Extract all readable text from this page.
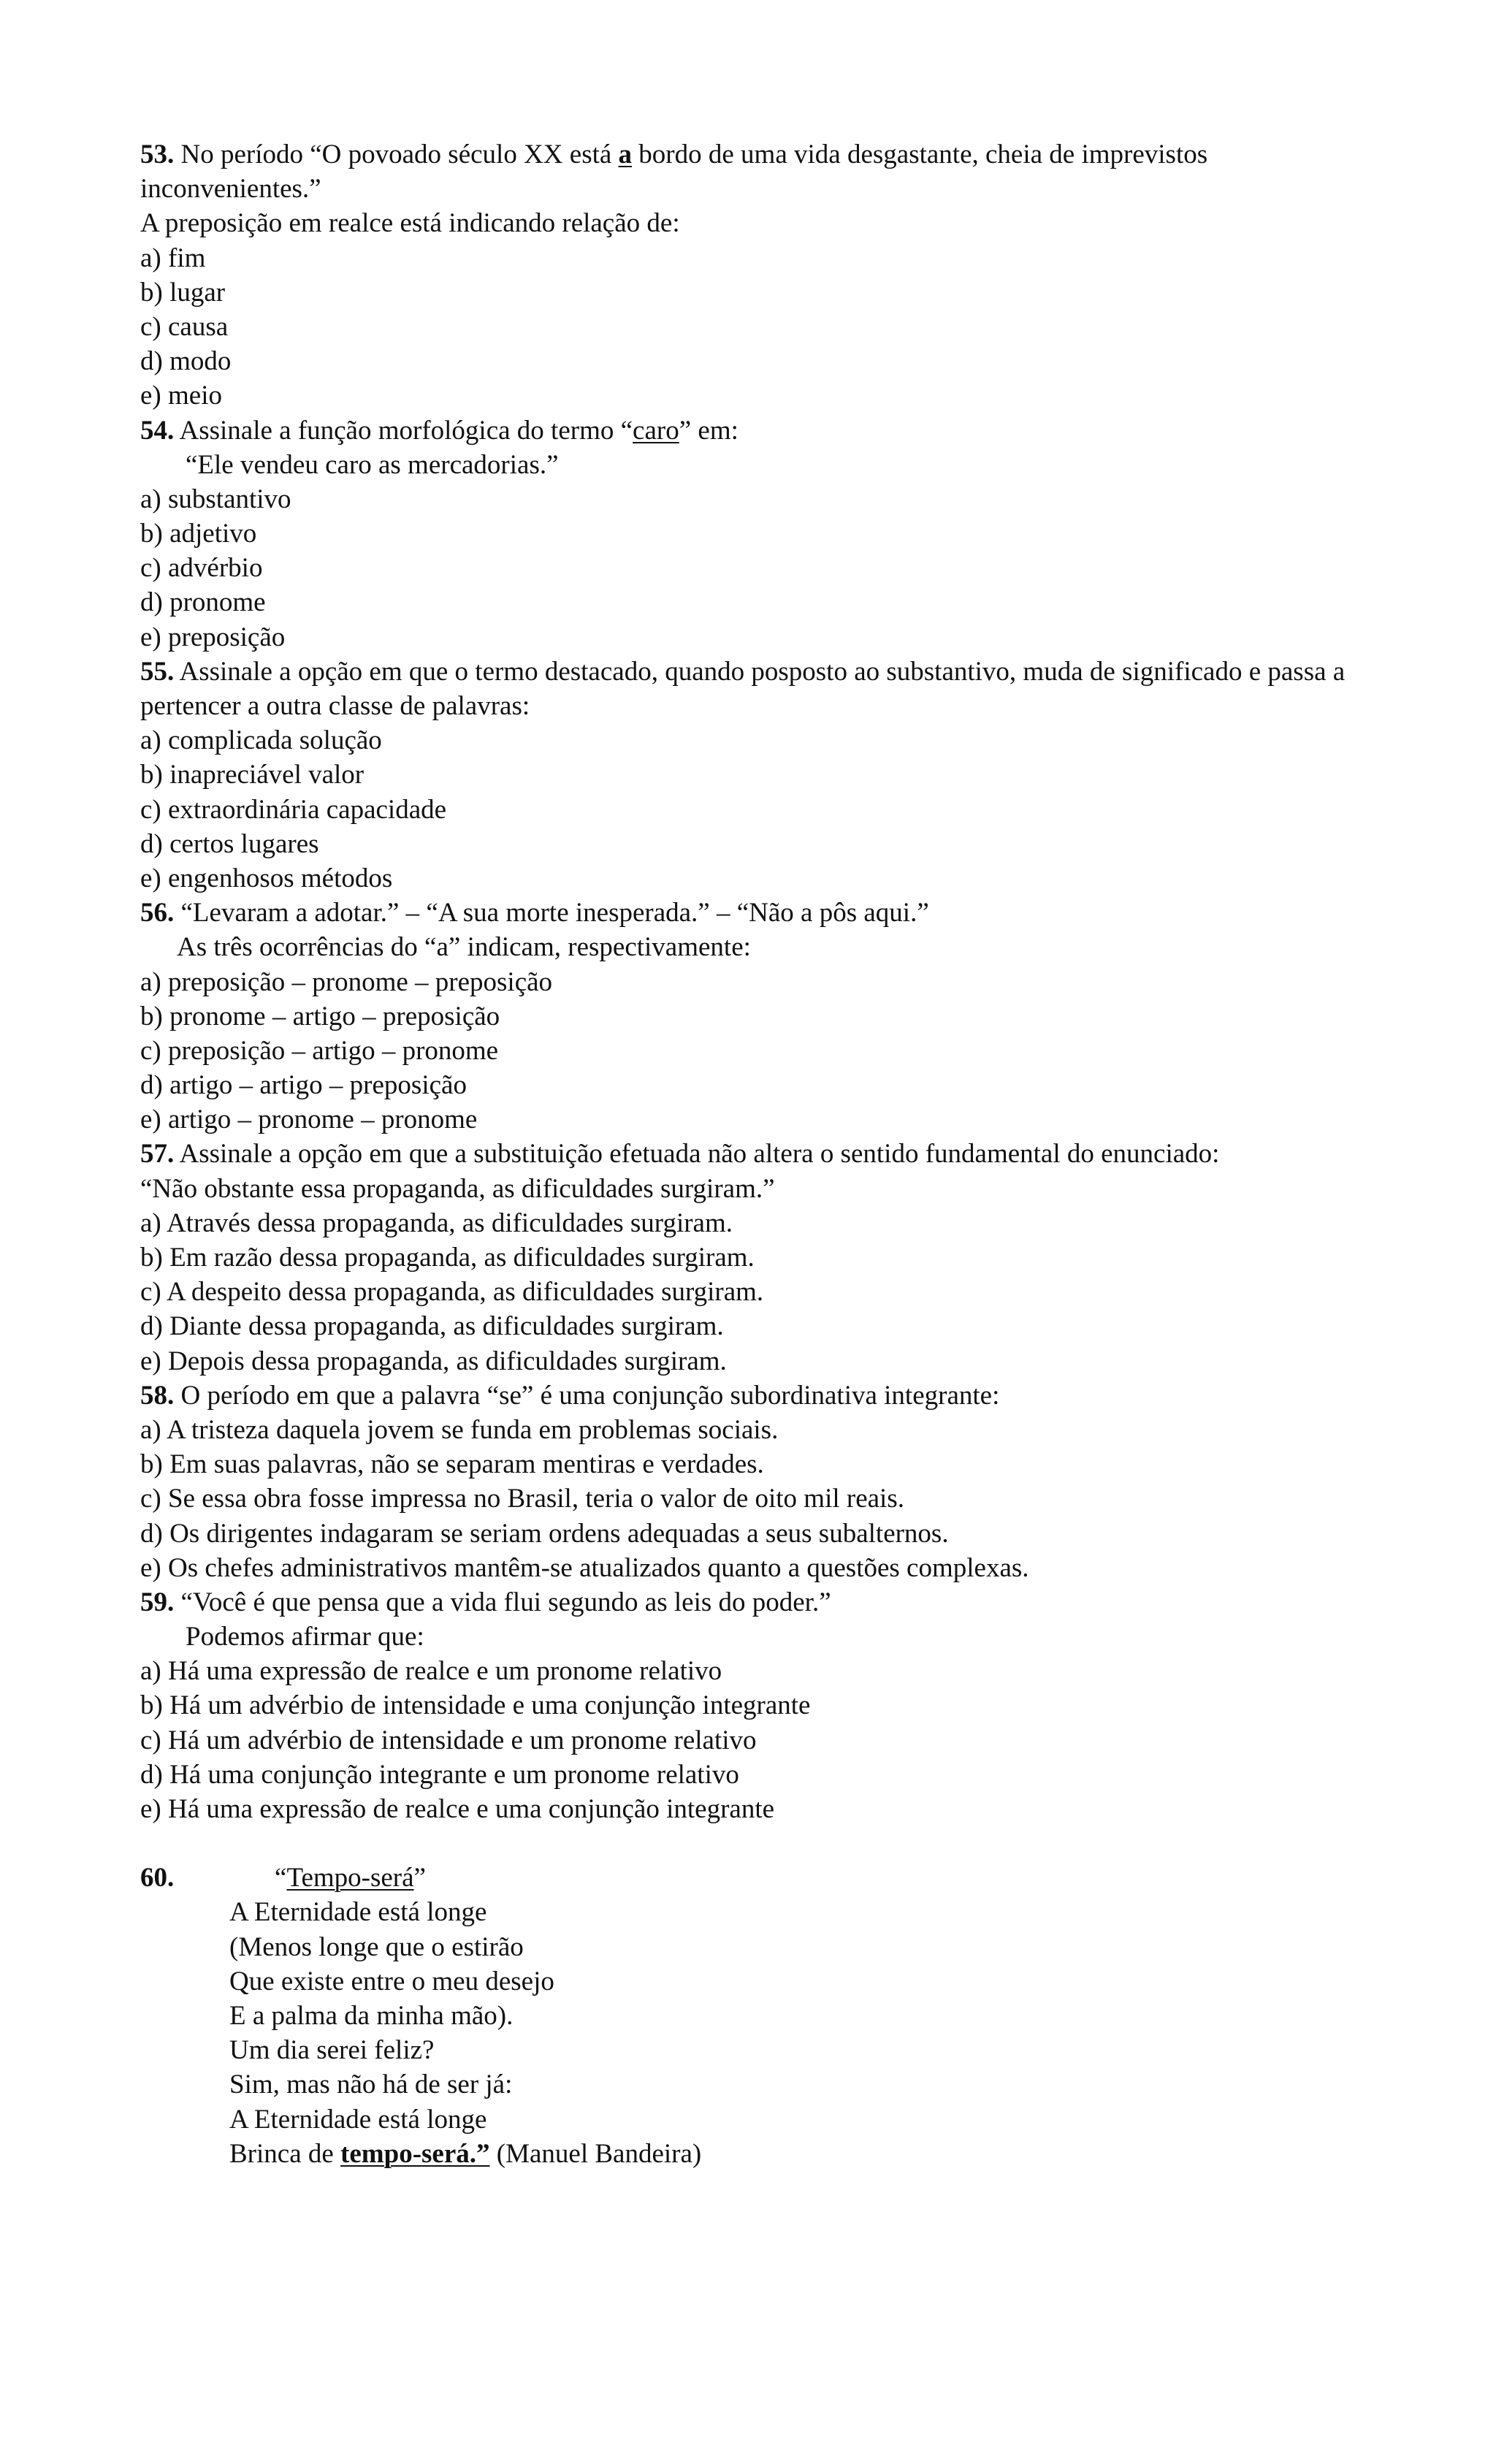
53. No período “O povoado século XX está a bordo de uma vida desgastante, cheia de imprevistos
inconvenientes.”
A preposição em realce está indicando relação de:
a) fim
b) lugar
c) causa
d) modo
e) meio
54. Assinale a função morfológica do termo “caro” em:
“Ele vendeu caro as mercadorias.”
a) substantivo
b) adjetivo
c) advérbio
d) pronome
e) preposição
55. Assinale a opção em que o termo destacado, quando posposto ao substantivo, muda de significado e passa a pertencer a outra classe de palavras:
a) complicada solução
b) inapreciável valor
c) extraordinária capacidade
d) certos lugares
e) engenhosos métodos
56. “Levaram a adotar.” – “A sua morte inesperada.” – “Não a pôs aqui.”
As três ocorrências do “a” indicam, respectivamente:
a) preposição – pronome – preposição
b) pronome – artigo – preposição
c) preposição – artigo – pronome
d) artigo – artigo – preposição
e) artigo – pronome – pronome
57. Assinale a opção em que a substituição efetuada não altera o sentido fundamental do enunciado:
“Não obstante essa propaganda, as dificuldades surgiram.”
a) Através dessa propaganda, as dificuldades surgiram.
b) Em razão dessa propaganda, as dificuldades surgiram.
c) A despeito dessa propaganda, as dificuldades surgiram.
d) Diante dessa propaganda, as dificuldades surgiram.
e) Depois dessa propaganda, as dificuldades surgiram.
58. O período em que a palavra “se” é uma conjunção subordinativa integrante:
a) A tristeza daquela jovem se funda em problemas sociais.
b) Em suas palavras, não se separam mentiras e verdades.
c) Se essa obra fosse impressa no Brasil, teria o valor de oito mil reais.
d) Os dirigentes indagaram se seriam ordens adequadas a seus subalternos.
e) Os chefes administrativos mantêm-se atualizados quanto a questões complexas.
59. “Você é que pensa que a vida flui segundo as leis do poder.”
Podemos afirmar que:
a) Há uma expressão de realce e um pronome relativo
b) Há um advérbio de intensidade e uma conjunção integrante
c) Há um advérbio de intensidade e um pronome relativo
d) Há uma conjunção integrante e um pronome relativo
e) Há uma expressão de realce e uma conjunção integrante
60.	“Tempo-será”
A Eternidade está longe
(Menos longe que o estirão
Que existe entre o meu desejo
E a palma da minha mão).
Um dia serei feliz?
Sim, mas não há de ser já:
A Eternidade está longe
Brinca de tempo-será.” (Manuel Bandeira)
